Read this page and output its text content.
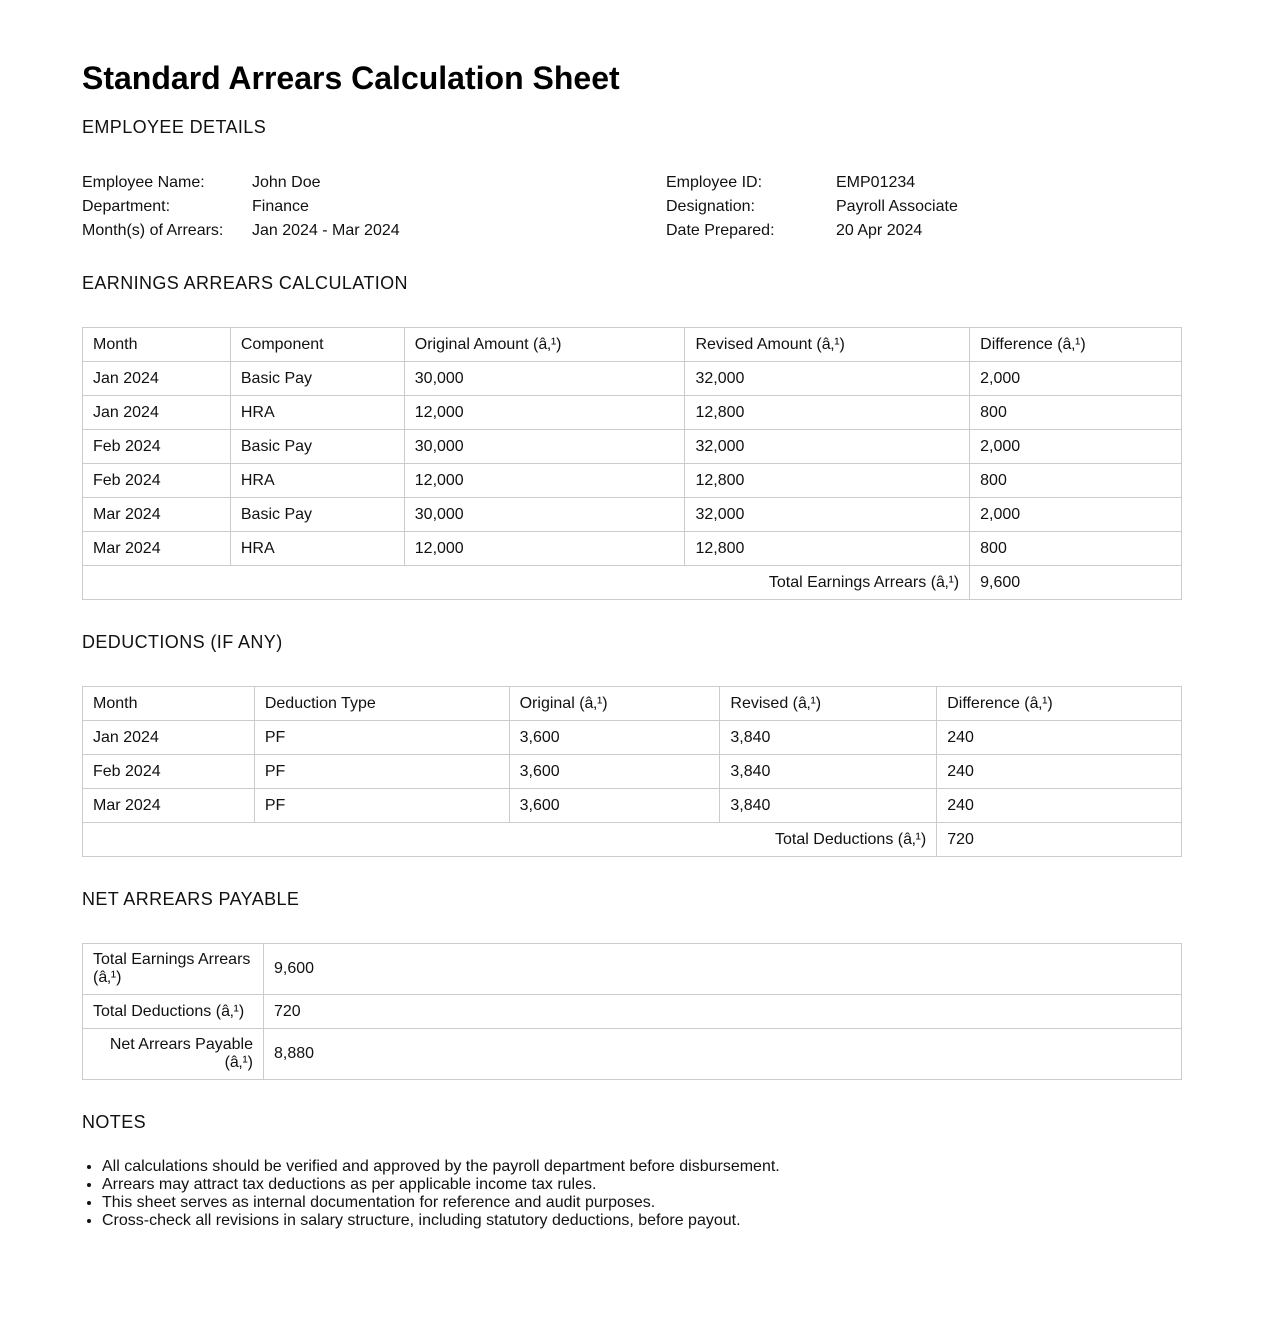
Standard Arrears Calculation Sheet
EMPLOYEE DETAILS
Employee Name:	John Doe	Employee ID:	EMP01234
Department:	Finance	Designation:	Payroll Associate
Month(s) of Arrears:	Jan 2024 - Mar 2024	Date Prepared:	20 Apr 2024
EARNINGS ARREARS CALCULATION
Month	Component	Original Amount (â‚¹)	Revised Amount (â‚¹)	Difference (â‚¹)
Jan 2024	Basic Pay	30,000	32,000	2,000
Jan 2024	HRA	12,000	12,800	800
Feb 2024	Basic Pay	30,000	32,000	2,000
Feb 2024	HRA	12,000	12,800	800
Mar 2024	Basic Pay	30,000	32,000	2,000
Mar 2024	HRA	12,000	12,800	800
Total Earnings Arrears (â‚¹)				9,600
DEDUCTIONS (IF ANY)
Month	Deduction Type	Original (â‚¹)	Revised (â‚¹)	Difference (â‚¹)
Jan 2024	PF	3,600	3,840	240
Feb 2024	PF	3,600	3,840	240
Mar 2024	PF	3,600	3,840	240
Total Deductions (â‚¹)				720
NET ARREARS PAYABLE
Total Earnings Arrears (â‚¹)	9,600
Total Deductions (â‚¹)	720
Net Arrears Payable (â‚¹)	8,880
NOTES
• All calculations should be verified and approved by the payroll department before disbursement.
• Arrears may attract tax deductions as per applicable income tax rules.
• This sheet serves as internal documentation for reference and audit purposes.
• Cross-check all revisions in salary structure, including statutory deductions, before payout.
